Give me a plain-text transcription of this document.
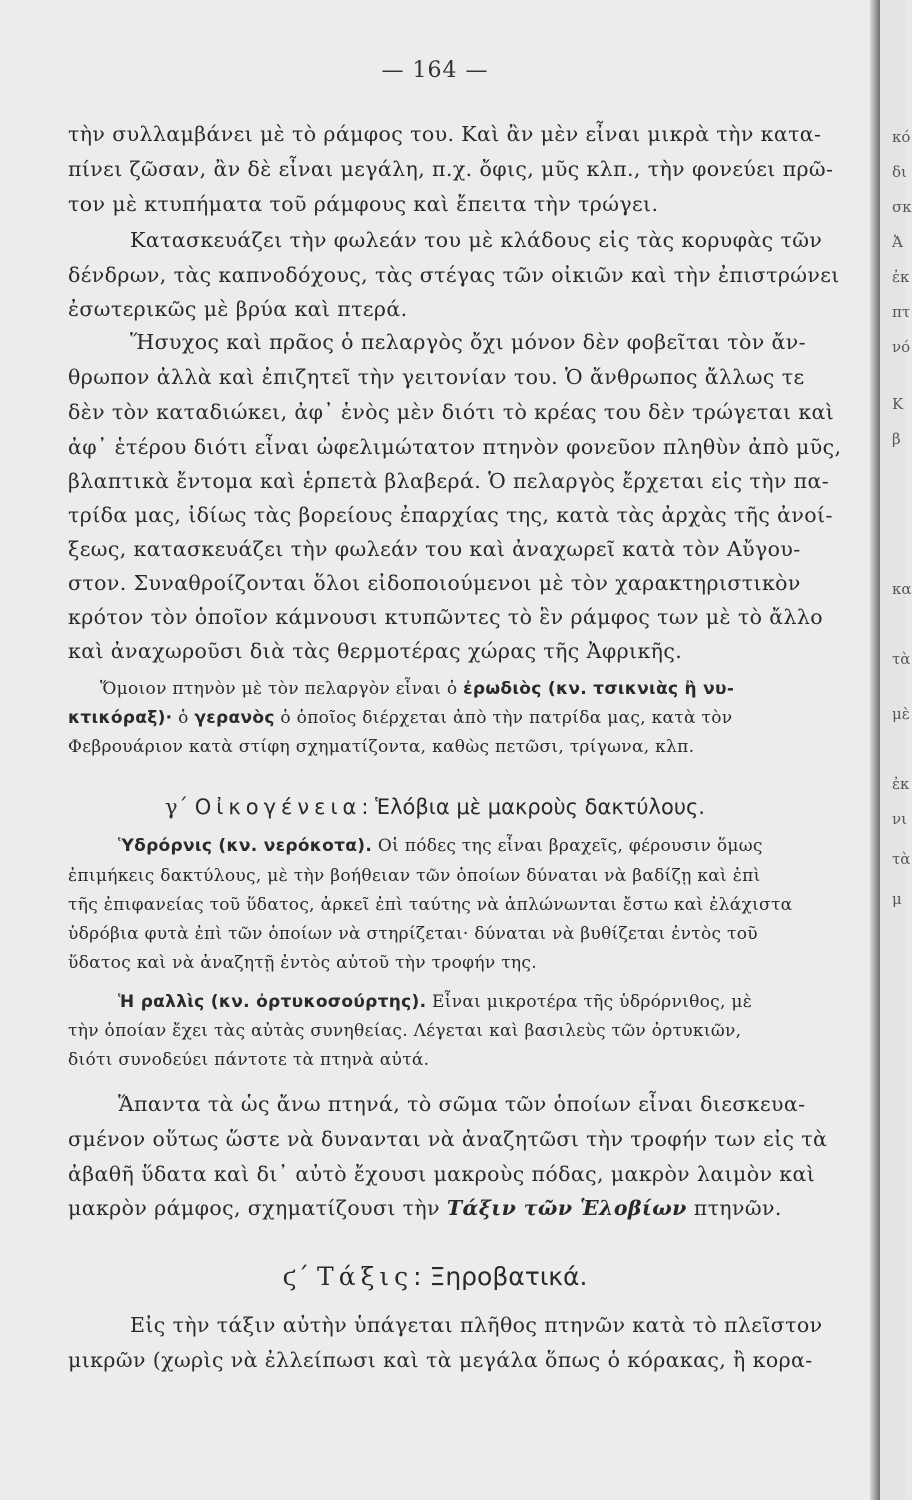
— 164 —
τὴν συλλαμβάνει μὲ τὸ ράμφος του. Καὶ ἂν μὲν εἶναι μικρὰ τὴν κατα-
πίνει ζῶσαν, ἂν δὲ εἶναι μεγάλη, π.χ. ὄφις, μῦς κλπ., τὴν φονεύει πρῶ-
τον μὲ κτυπήματα τοῦ ράμφους καὶ ἔπειτα τὴν τρώγει.
Κατασκευάζει τὴν φωλεάν του μὲ κλάδους εἰς τὰς κορυφὰς τῶν
δένδρων, τὰς καπνοδόχους, τὰς στέγας τῶν οἰκιῶν καὶ τὴν ἐπιστρώνει
ἐσωτερικῶς μὲ βρύα καὶ πτερά.
Ἥσυχος καὶ πρᾶος ὁ πελαργὸς ὄχι μόνον δὲν φοβεῖται τὸν ἄν-
θρωπον ἀλλὰ καὶ ἐπιζητεῖ τὴν γειτονίαν του. Ὁ ἄνθρωπος ἄλλως τε
δὲν τὸν καταδιώκει, ἀφ᾽ ἑνὸς μὲν διότι τὸ κρέας του δὲν τρώγεται καὶ
ἀφ᾽ ἑτέρου διότι εἶναι ὠφελιμώτατον πτηνὸν φονεῦον πληθὺν ἀπὸ μῦς,
βλαπτικὰ ἔντομα καὶ ἑρπετὰ βλαβερά. Ὁ πελαργὸς ἔρχεται εἰς τὴν πα-
τρίδα μας, ἰδίως τὰς βορείους ἐπαρχίας της, κατὰ τὰς ἀρχὰς τῆς ἀνοί-
ξεως, κατασκευάζει τὴν φωλεάν του καὶ ἀναχωρεῖ κατὰ τὸν Αὔγου-
στον. Συναθροίζονται ὅλοι εἰδοποιούμενοι μὲ τὸν χαρακτηριστικὸν
κρότον τὸν ὁποῖον κάμνουσι κτυπῶντες τὸ ἓν ράμφος των μὲ τὸ ἄλλο
καὶ ἀναχωροῦσι διὰ τὰς θερμοτέρας χώρας τῆς Ἀφρικῆς.
Ὅμοιον πτηνὸν μὲ τὸν πελαργὸν εἶναι ὁ ἐρωδιὸς (κν. τσικνιὰς ἢ νυ-
κτικόραξ)· ὁ γερανὸς ὁ ὁποῖος διέρχεται ἀπὸ τὴν πατρίδα μας, κατὰ τὸν
Φεβρουάριον κατὰ στίφη σχηματίζοντα, καθὼς πετῶσι, τρίγωνα, κλπ.
γ΄ Οἰκογένεια: Ἑλόβια μὲ μακροὺς δακτύλους.
Ὑδρόρνις (κν. νερόκοτα). Οἱ πόδες της εἶναι βραχεῖς, φέρουσιν ὅμως
ἐπιμήκεις δακτύλους, μὲ τὴν βοήθειαν τῶν ὁποίων δύναται νὰ βαδίζῃ καὶ ἐπὶ
τῆς ἐπιφανείας τοῦ ὕδατος, ἀρκεῖ ἐπὶ ταύτης νὰ ἁπλώνωνται ἔστω καὶ ἐλάχιστα
ὑδρόβια φυτὰ ἐπὶ τῶν ὁποίων νὰ στηρίζεται· δύναται νὰ βυθίζεται ἐντὸς τοῦ
ὕδατος καὶ νὰ ἀναζητῇ ἐντὸς αὐτοῦ τὴν τροφήν της.
Ἡ ραλλὶς (κν. ὀρτυκοσούρτης). Εἶναι μικροτέρα τῆς ὑδρόρνιθος, μὲ
τὴν ὁποίαν ἔχει τὰς αὐτὰς συνηθείας. Λέγεται καὶ βασιλεὺς τῶν ὀρτυκιῶν,
διότι συνοδεύει πάντοτε τὰ πτηνὰ αὐτά.
Ἅπαντα τὰ ὡς ἄνω πτηνά, τὸ σῶμα τῶν ὁποίων εἶναι διεσκευα-
σμένον οὕτως ὥστε νὰ δυνανται νὰ ἀναζητῶσι τὴν τροφήν των εἰς τὰ
ἀβαθῆ ὕδατα καὶ δι᾽ αὐτὸ ἔχουσι μακροὺς πόδας, μακρὸν λαιμὸν καὶ
μακρὸν ράμφος, σχηματίζουσι τὴν Τάξιν τῶν Ἑλοβίων πτηνῶν.
ϛ΄ Τάξις: Ξηροβατικά.
Εἰς τὴν τάξιν αὐτὴν ὑπάγεται πλῆθος πτηνῶν κατὰ τὸ πλεῖστον
μικρῶν (χωρὶς νὰ ἐλλείπωσι καὶ τὰ μεγάλα ὅπως ὁ κόρακας, ἢ κορα-
κό
δι
σκ
Ἀ
ἐκ
πτ
νό
Κ
β
κα
τὰ
μὲ
ἐκ
νι
τὰ
μ
